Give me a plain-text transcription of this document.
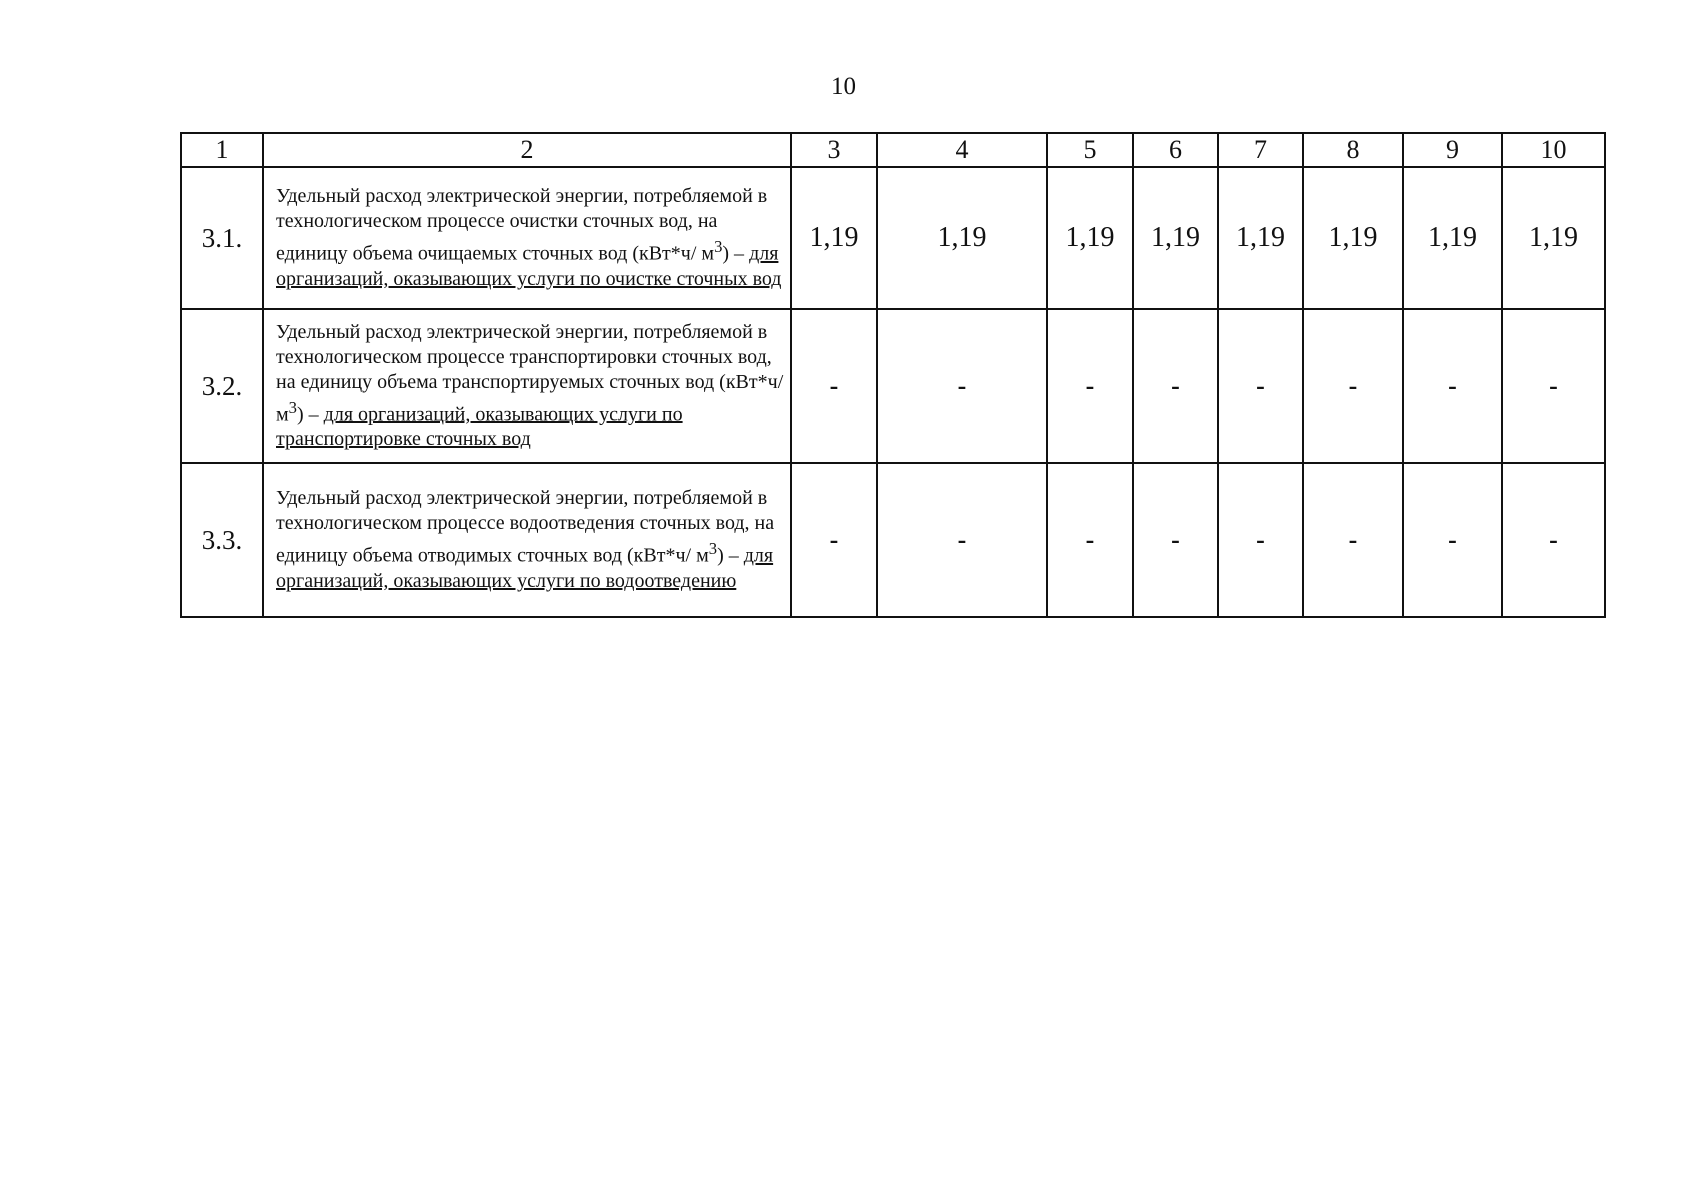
10
1	2	3	4	5	6	7	8	9	10
3.1.	Удельный расход электрической энергии, потребляемой в технологическом процессе очистки сточных вод, на единицу объема очищаемых сточных вод (кВт*ч/ $м^3$) – для организаций, оказывающих услуги по очистке сточных вод	1,19	1,19	1,19	1,19	1,19	1,19	1,19	1,19
3.2.	Удельный расход электрической энергии, потребляемой в технологическом процессе транспортировки сточных вод, на единицу объема транспортируемых сточных вод (кВт*ч/ $м^3$) – для организаций, оказывающих услуги по транспортировке сточных вод	-	-	-	-	-	-	-	-
3.3.	Удельный расход электрической энергии, потребляемой в технологическом процессе водоотведения сточных вод, на единицу объема отводимых сточных вод (кВт*ч/ $м^3$) – для организаций, оказывающих услуги по водоотведению	-	-	-	-	-	-	-	-
